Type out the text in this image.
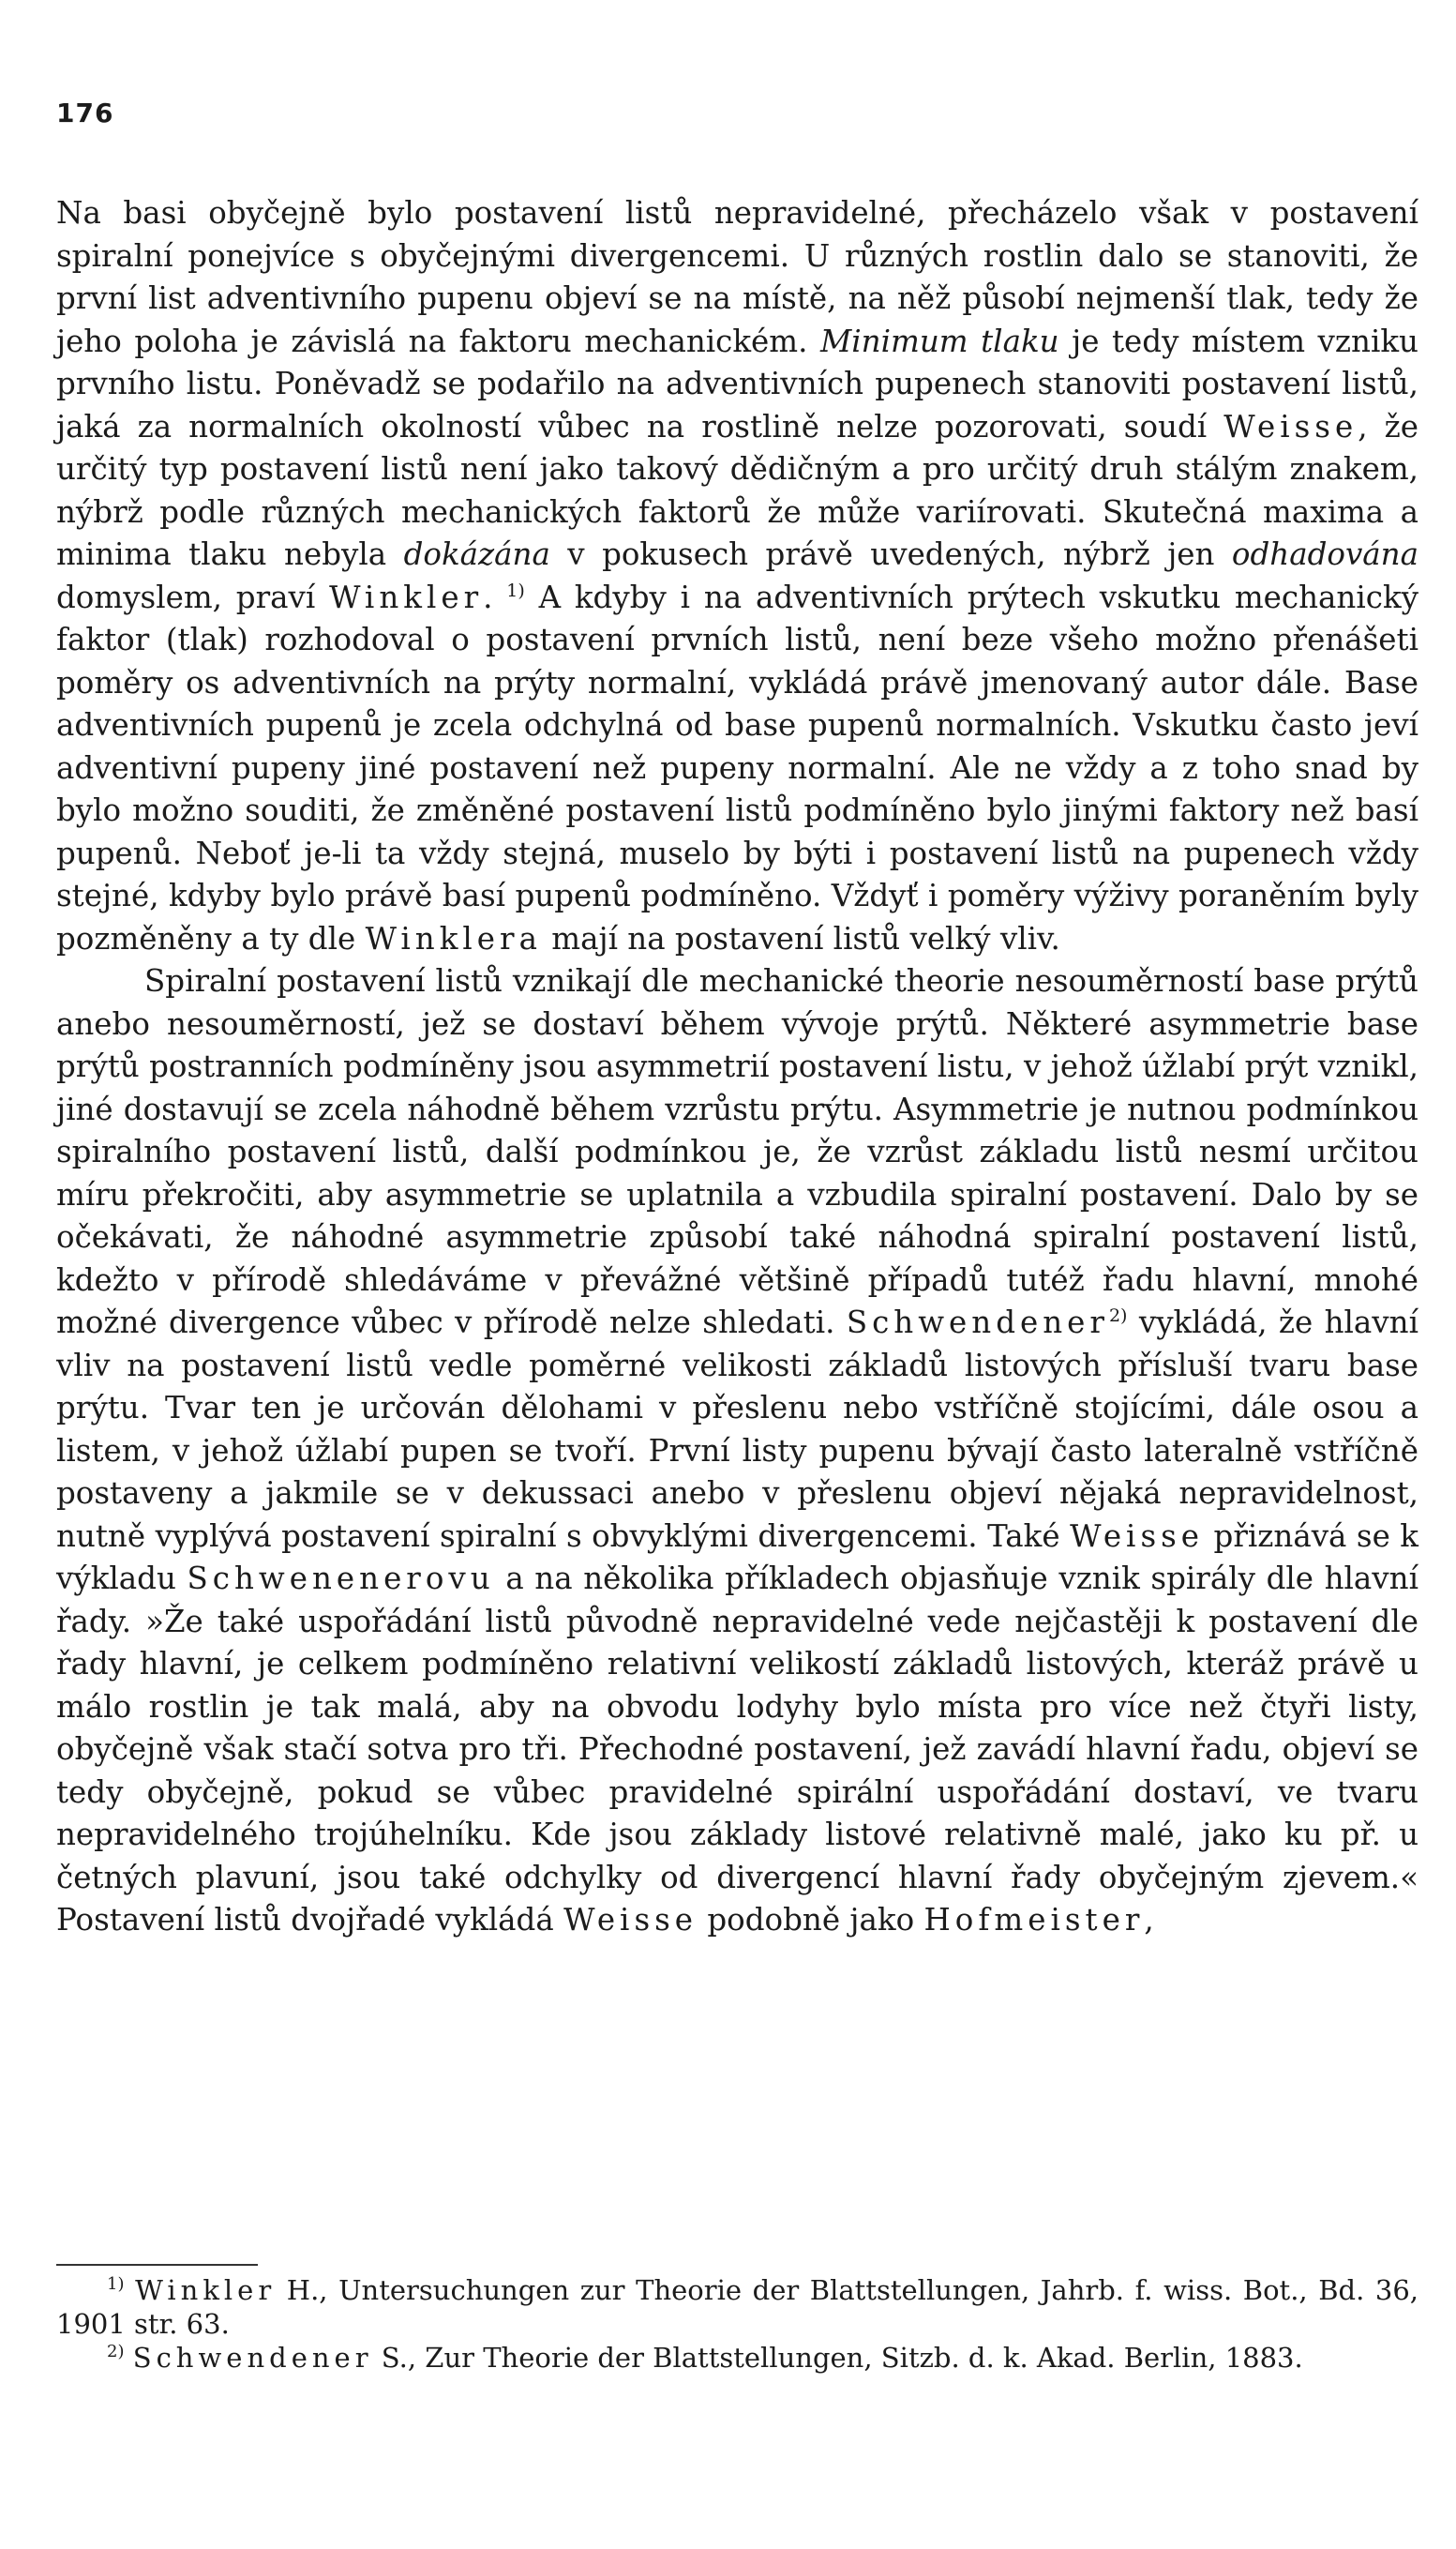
176

Na basi obyčejně bylo postavení listů nepravidelné, přecházelo však v postavení spiralní ponejvíce s obyčejnými divergencemi. U různých rostlin dalo se stanoviti, že první list adventivního pupenu objeví se na místě, na něž působí nejmenší tlak, tedy že jeho poloha je závislá na faktoru mechanickém. Minimum tlaku je tedy místem vzniku prvního listu. Poněvadž se podařilo na adventivních pupenech stanoviti postavení listů, jaká za normalních okolností vůbec na rostlině nelze pozorovati, soudí Weisse, že určitý typ postavení listů není jako takový dědičným a pro určitý druh stálým znakem, nýbrž podle různých mechanických faktorů že může variírovati. Skutečná maxima a minima tlaku nebyla dokázána v pokusech právě uvedených, nýbrž jen odhadována domyslem, praví Winkler. $^{1)}$ A kdyby i na adventivních prýtech vskutku mechanický faktor (tlak) rozhodoval o postavení prvních listů, není beze všeho možno přenášeti poměry os adventivních na prýty normalní, vykládá právě jmenovaný autor dále. Base adventivních pupenů je zcela odchylná od base pupenů normalních. Vskutku často jeví adventivní pupeny jiné postavení než pupeny normalní. Ale ne vždy a z toho snad by bylo možno souditi, že změněné postavení listů podmíněno bylo jinými faktory než basí pupenů. Neboť je-li ta vždy stejná, muselo by býti i postavení listů na pupenech vždy stejné, kdyby bylo právě basí pupenů podmíněno. Vždyť i poměry výživy poraněním byly pozměněny a ty dle Winklera mají na postavení listů velký vliv.

Spiralní postavení listů vznikají dle mechanické theorie nesouměrností base prýtů anebo nesouměrností, jež se dostaví během vývoje prýtů. Některé asymmetrie base prýtů postranních podmíněny jsou asymmetrií postavení listu, v jehož úžlabí prýt vznikl, jiné dostavují se zcela náhodně během vzrůstu prýtu. Asymmetrie je nutnou podmínkou spiralního postavení listů, další podmínkou je, že vzrůst základu listů nesmí určitou míru překročiti, aby asymmetrie se uplatnila a vzbudila spiralní postavení. Dalo by se očekávati, že náhodné asymmetrie způsobí také náhodná spiralní postavení listů, kdežto v přírodě shledáváme v převážné většině případů tutéž řadu hlavní, mnohé možné divergence vůbec v přírodě nelze shledati. Schwendener$^{2)}$ vykládá, že hlavní vliv na postavení listů vedle poměrné velikosti základů listových přísluší tvaru base prýtu. Tvar ten je určován dělohami v přeslenu nebo vstříčně stojícími, dále osou a listem, v jehož úžlabí pupen se tvoří. První listy pupenu bývají často lateralně vstříčně postaveny a jakmile se v dekussaci anebo v přeslenu objeví nějaká nepravidelnost, nutně vyplývá postavení spiralní s obvyklými divergencemi. Také Weisse přiznává se k výkladu Schwenenerovu a na několika příkladech objasňuje vznik spirály dle hlavní řady. »Že také uspořádání listů původně nepravidelné vede nejčastěji k postavení dle řady hlavní, je celkem podmíněno relativní velikostí základů listových, kteráž právě u málo rostlin je tak malá, aby na obvodu lodyhy bylo místa pro více než čtyři listy, obyčejně však stačí sotva pro tři. Přechodné postavení, jež zavádí hlavní řadu, objeví se tedy obyčejně, pokud se vůbec pravidelné spirální uspořádání dostaví, ve tvaru nepravidelného trojúhelníku. Kde jsou základy listové relativně malé, jako ku př. u četných plavuní, jsou také odchylky od divergencí hlavní řady obyčejným zjevem.« Postavení listů dvojřadé vykládá Weisse podobně jako Hofmeister,

$^{1)}$ Winkler H., Untersuchungen zur Theorie der Blattstellungen, Jahrb. f. wiss. Bot., Bd. 36, 1901 str. 63.

$^{2)}$ Schwendener S., Zur Theorie der Blattstellungen, Sitzb. d. k. Akad. Berlin, 1883.
